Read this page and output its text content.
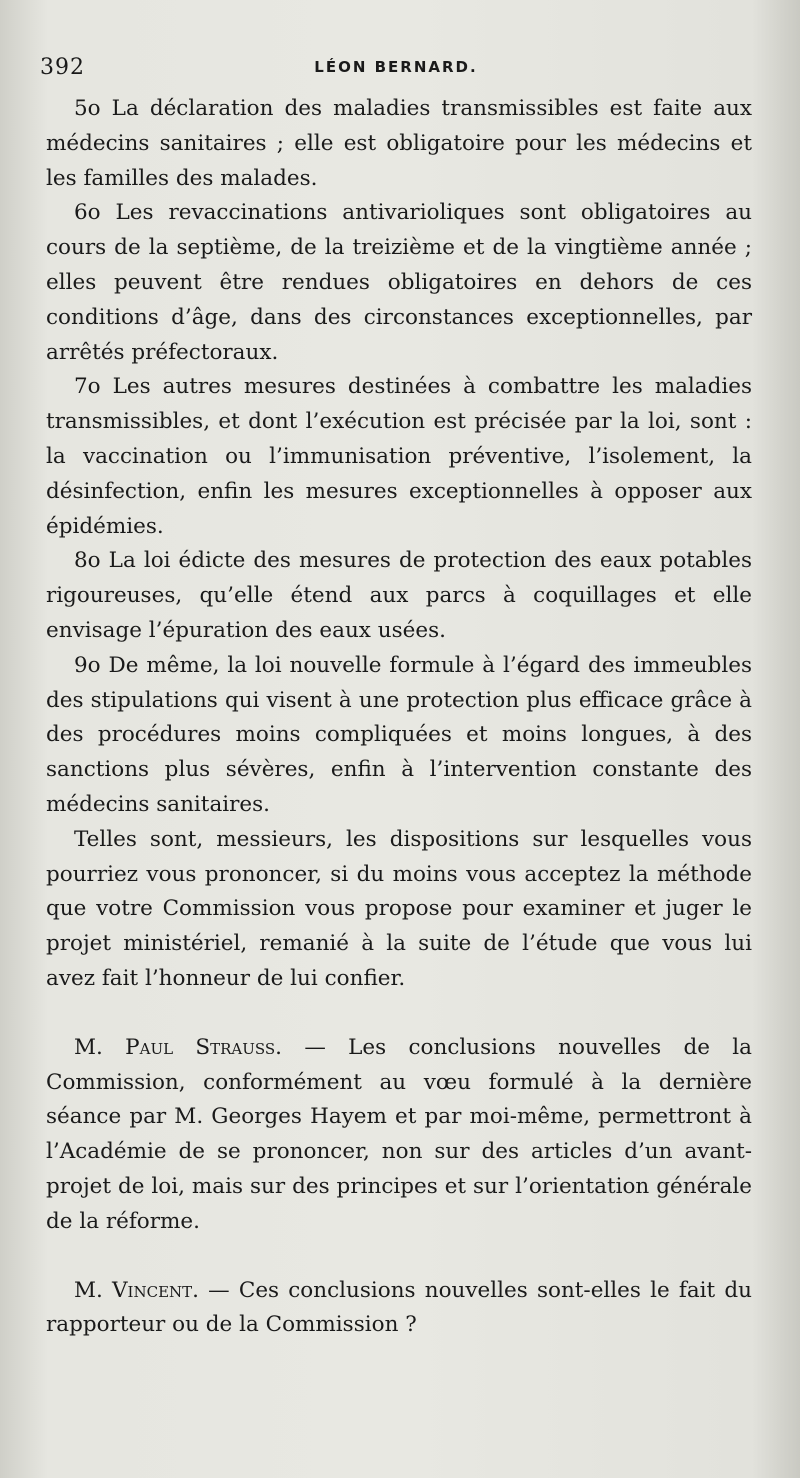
392	LÉON BERNARD.

5o La déclaration des maladies transmissibles est faite aux médecins sanitaires ; elle est obligatoire pour les médecins et les familles des malades.

6o Les revaccinations antivarioliques sont obligatoires au cours de la septième, de la treizième et de la vingtième année ; elles peuvent être rendues obligatoires en dehors de ces conditions d’âge, dans des circonstances exceptionnelles, par arrêtés préfectoraux.

7o Les autres mesures destinées à combattre les maladies transmissibles, et dont l’exécution est précisée par la loi, sont : la vaccination ou l’immunisation préventive, l’isolement, la désinfection, enfin les mesures exceptionnelles à opposer aux épidémies.

8o La loi édicte des mesures de protection des eaux potables rigoureuses, qu’elle étend aux parcs à coquillages et elle envisage l’épuration des eaux usées.

9o De même, la loi nouvelle formule à l’égard des immeubles des stipulations qui visent à une protection plus efficace grâce à des procédures moins compliquées et moins longues, à des sanctions plus sévères, enfin à l’intervention constante des médecins sanitaires.

Telles sont, messieurs, les dispositions sur lesquelles vous pourriez vous prononcer, si du moins vous acceptez la méthode que votre Commission vous propose pour examiner et juger le projet ministériel, remanié à la suite de l’étude que vous lui avez fait l’honneur de lui confier.

M. Paul Strauss. — Les conclusions nouvelles de la Commission, conformément au vœu formulé à la dernière séance par M. Georges Hayem et par moi-même, permettront à l’Académie de se prononcer, non sur des articles d’un avant-projet de loi, mais sur des principes et sur l’orientation générale de la réforme.

M. Vincent. — Ces conclusions nouvelles sont-elles le fait du rapporteur ou de la Commission ?
